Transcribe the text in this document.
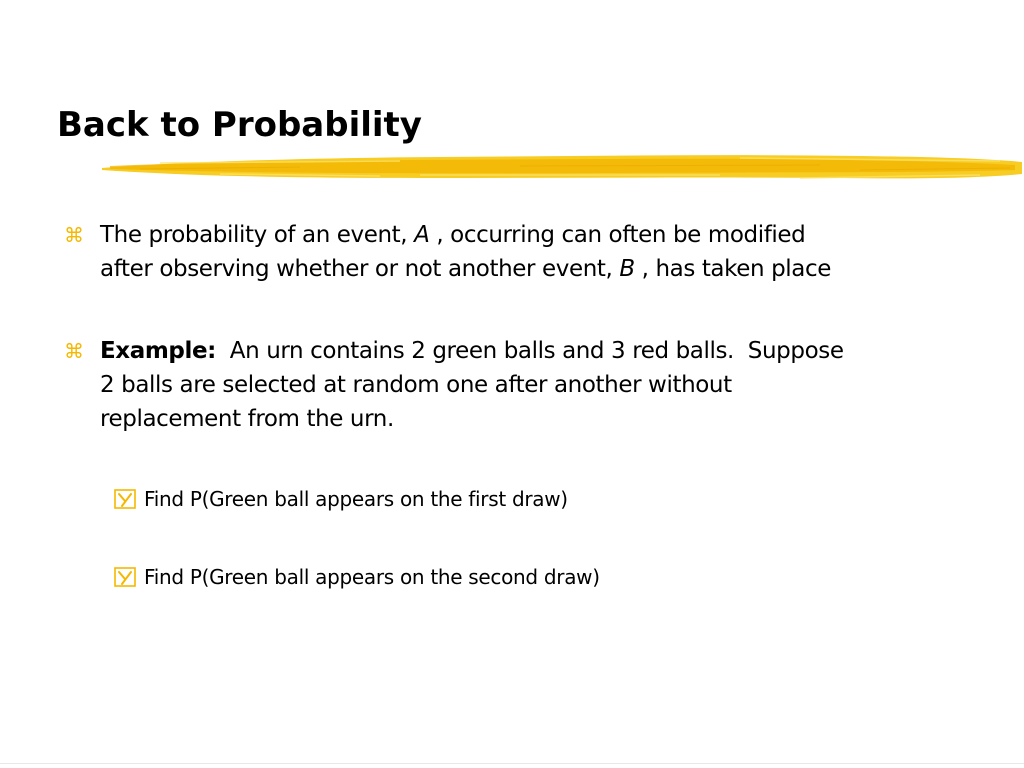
Back to Probability
⌘ The probability of an event, A , occurring can often be modified
after observing whether or not another event, B , has taken place
⌘ Example:  An urn contains 2 green balls and 3 red balls.  Suppose
2 balls are selected at random one after another without
replacement from the urn.
Find P(Green ball appears on the first draw)
Find P(Green ball appears on the second draw)
